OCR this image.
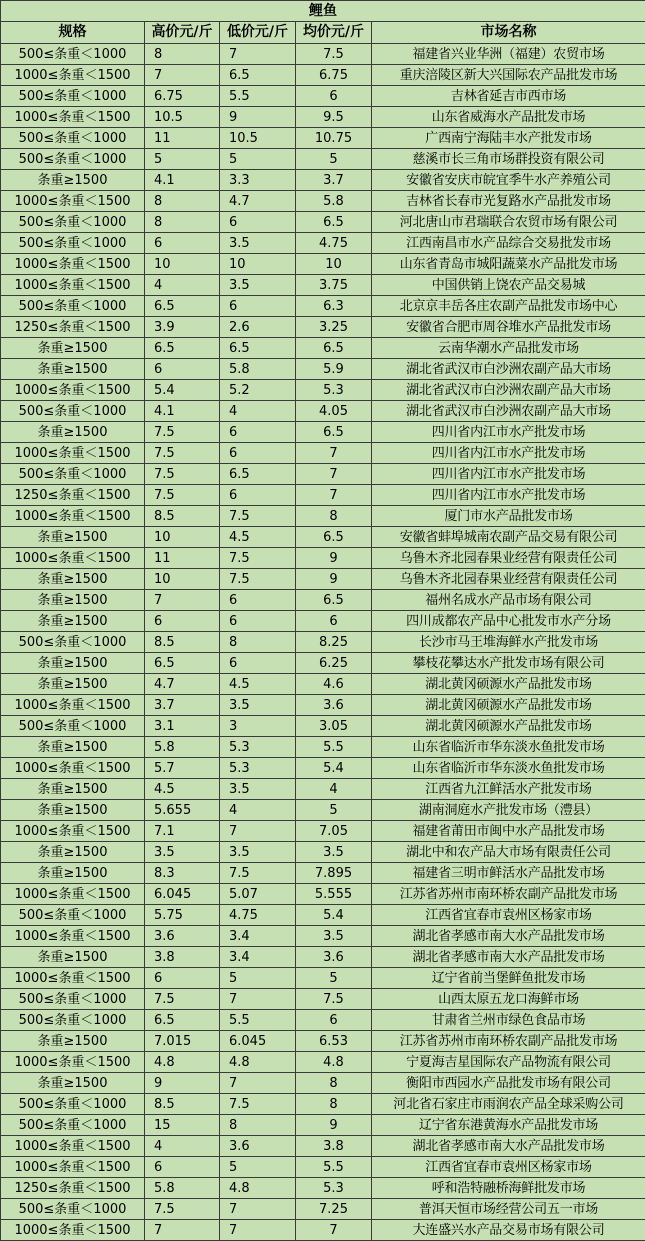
鲤鱼				
规格	高价元/斤	低价元/斤	均价元/斤	市场名称
500≤条重＜1000	8	7	7.5	福建省兴业华洲（福建）农贸市场
1000≤条重＜1500	7	6.5	6.75	重庆涪陵区新大兴国际农产品批发市场
500≤条重＜1000	6.75	5.5	6	吉林省延吉市西市场
1000≤条重＜1500	10.5	9	9.5	山东省威海水产品批发市场
500≤条重＜1000	11	10.5	10.75	广西南宁海陆丰水产批发市场
500≤条重＜1000	5	5	5	慈溪市长三角市场群投资有限公司
条重≥1500	4.1	3.3	3.7	安徽省安庆市皖宜季牛水产养殖公司
1000≤条重＜1500	8	4.7	5.8	吉林省长春市光复路水产品批发市场
500≤条重＜1000	8	6	6.5	河北唐山市君瑞联合农贸市场有限公司
500≤条重＜1000	6	3.5	4.75	江西南昌市水产品综合交易批发市场
1000≤条重＜1500	10	10	10	山东省青岛市城阳蔬菜水产品批发市场
1000≤条重＜1500	4	3.5	3.75	中国供销上饶农产品交易城
500≤条重＜1000	6.5	6	6.3	北京京丰岳各庄农副产品批发市场中心
1250≤条重＜1500	3.9	2.6	3.25	安徽省合肥市周谷堆水产品批发市场
条重≥1500	6.5	6.5	6.5	云南华潮水产品批发市场
条重≥1500	6	5.8	5.9	湖北省武汉市白沙洲农副产品大市场
1000≤条重＜1500	5.4	5.2	5.3	湖北省武汉市白沙洲农副产品大市场
500≤条重＜1000	4.1	4	4.05	湖北省武汉市白沙洲农副产品大市场
条重≥1500	7.5	6	6.5	四川省内江市水产批发市场
1000≤条重＜1500	7.5	6	7	四川省内江市水产批发市场
500≤条重＜1000	7.5	6.5	7	四川省内江市水产批发市场
1250≤条重＜1500	7.5	6	7	四川省内江市水产批发市场
1000≤条重＜1500	8.5	7.5	8	厦门市水产品批发市场
条重≥1500	10	4.5	6.5	安徽省蚌埠城南农副产品交易有限公司
1000≤条重＜1500	11	7.5	9	乌鲁木齐北园春果业经营有限责任公司
条重≥1500	10	7.5	9	乌鲁木齐北园春果业经营有限责任公司
条重≥1500	7	6	6.5	福州名成水产品市场有限公司
条重≥1500	6	6	6	四川成都农产品中心批发市水产分场
500≤条重＜1000	8.5	8	8.25	长沙市马王堆海鲜水产批发市场
条重≥1500	6.5	6	6.25	攀枝花攀达水产批发市场有限公司
条重≥1500	4.7	4.5	4.6	湖北黄冈硕源水产品批发市场
1000≤条重＜1500	3.7	3.5	3.6	湖北黄冈硕源水产品批发市场
500≤条重＜1000	3.1	3	3.05	湖北黄冈硕源水产品批发市场
条重≥1500	5.8	5.3	5.5	山东省临沂市华东淡水鱼批发市场
1000≤条重＜1500	5.7	5.3	5.4	山东省临沂市华东淡水鱼批发市场
条重≥1500	4.5	3.5	4	江西省九江鲜活水产批发市场
条重≥1500	5.655	4	5	湖南洞庭水产批发市场（澧县）
1000≤条重＜1500	7.1	7	7.05	福建省莆田市闽中水产品批发市场
条重≥1500	3.5	3.5	3.5	湖北中和农产品大市场有限责任公司
条重≥1500	8.3	7.5	7.895	福建省三明市鲜活水产品批发市场
1000≤条重＜1500	6.045	5.07	5.555	江苏省苏州市南环桥农副产品批发市场
500≤条重＜1000	5.75	4.75	5.4	江西省宜春市袁州区杨家市场
1000≤条重＜1500	3.6	3.4	3.5	湖北省孝感市南大水产品批发市场
条重≥1500	3.8	3.4	3.6	湖北省孝感市南大水产品批发市场
1000≤条重＜1500	6	5	5	辽宁省前当堡鲜鱼批发市场
500≤条重＜1000	7.5	7	7.5	山西太原五龙口海鲜市场
500≤条重＜1000	6.5	5.5	6	甘肃省兰州市绿色食品市场
条重≥1500	7.015	6.045	6.53	江苏省苏州市南环桥农副产品批发市场
1000≤条重＜1500	4.8	4.8	4.8	宁夏海吉星国际农产品物流有限公司
条重≥1500	9	7	8	衡阳市西园水产品批发市场有限公司
500≤条重＜1000	8.5	7.5	8	河北省石家庄市雨润农产品全球采购公司
500≤条重＜1000	15	8	9	辽宁省东港黄海水产品批发市场
1000≤条重＜1500	4	3.6	3.8	湖北省孝感市南大水产品批发市场
1000≤条重＜1500	6	5	5.5	江西省宜春市袁州区杨家市场
1250≤条重＜1500	5.8	4.8	5.3	呼和浩特融桥海鲜批发市场
500≤条重＜1000	7.5	7	7.25	普洱天恒市场经营公司五一市场
1000≤条重＜1500	7	7	7	大连盛兴水产品交易市场有限公司
